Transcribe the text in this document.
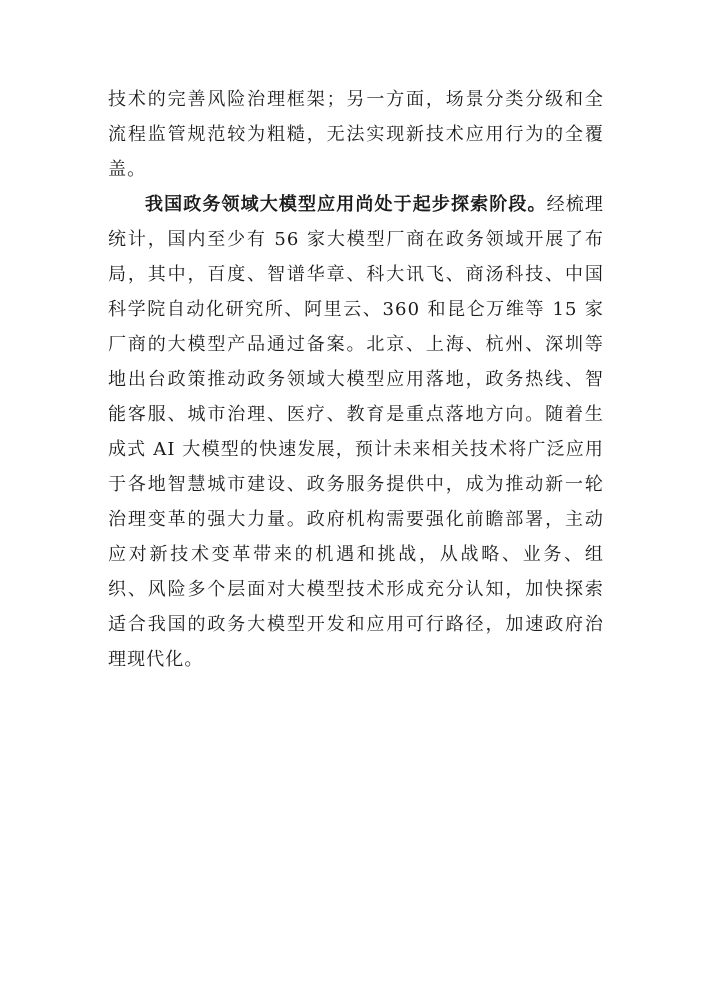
技术的完善风险治理框架；另一方面，场景分类分级和全流程监管规范较为粗糙，无法实现新技术应用行为的全覆盖。

我国政务领域大模型应用尚处于起步探索阶段。经梳理统计，国内至少有 56 家大模型厂商在政务领域开展了布局，其中，百度、智谱华章、科大讯飞、商汤科技、中国科学院自动化研究所、阿里云、360 和昆仑万维等 15 家厂商的大模型产品通过备案。北京、上海、杭州、深圳等地出台政策推动政务领域大模型应用落地，政务热线、智能客服、城市治理、医疗、教育是重点落地方向。随着生成式 AI 大模型的快速发展，预计未来相关技术将广泛应用于各地智慧城市建设、政务服务提供中，成为推动新一轮治理变革的强大力量。政府机构需要强化前瞻部署，主动应对新技术变革带来的机遇和挑战，从战略、业务、组织、风险多个层面对大模型技术形成充分认知，加快探索适合我国的政务大模型开发和应用可行路径，加速政府治理现代化。
